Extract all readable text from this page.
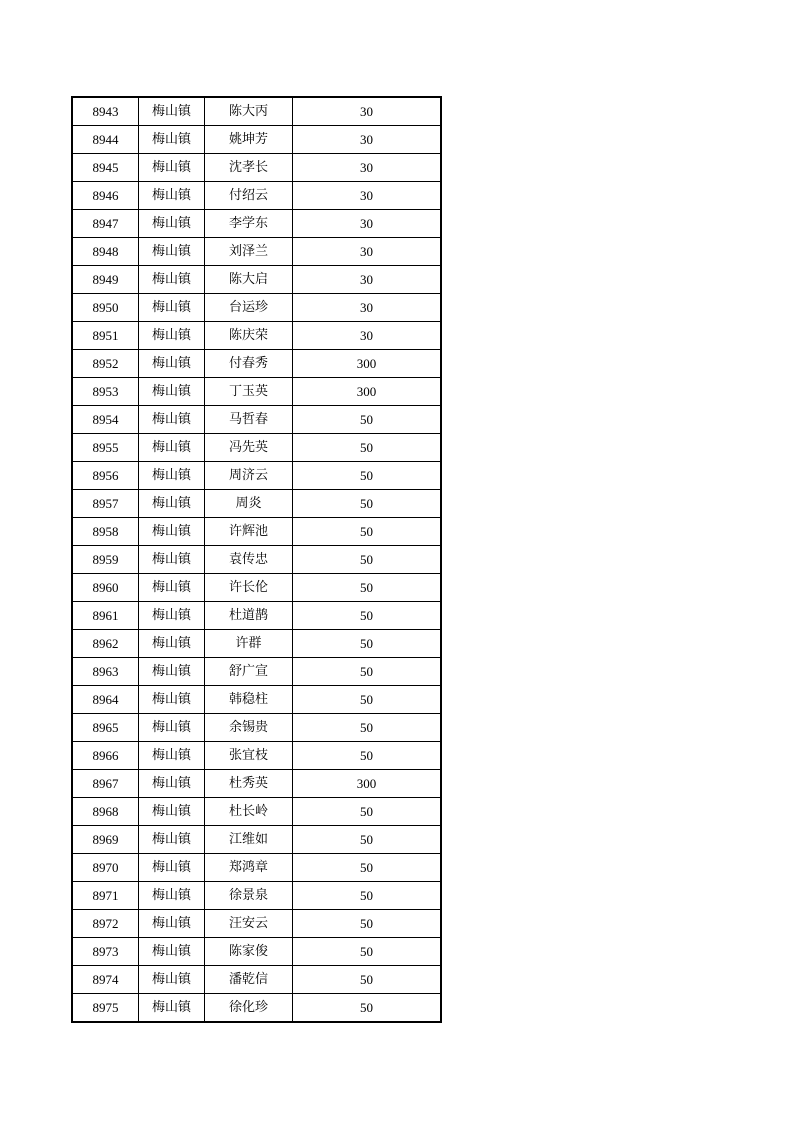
8943	梅山镇	陈大丙	30
8944	梅山镇	姚坤芳	30
8945	梅山镇	沈孝长	30
8946	梅山镇	付绍云	30
8947	梅山镇	李学东	30
8948	梅山镇	刘泽兰	30
8949	梅山镇	陈大启	30
8950	梅山镇	台运珍	30
8951	梅山镇	陈庆荣	30
8952	梅山镇	付春秀	300
8953	梅山镇	丁玉英	300
8954	梅山镇	马哲春	50
8955	梅山镇	冯先英	50
8956	梅山镇	周济云	50
8957	梅山镇	周炎	50
8958	梅山镇	许辉池	50
8959	梅山镇	袁传忠	50
8960	梅山镇	许长伦	50
8961	梅山镇	杜道鹊	50
8962	梅山镇	许群	50
8963	梅山镇	舒广宣	50
8964	梅山镇	韩稳柱	50
8965	梅山镇	余锡贵	50
8966	梅山镇	张宜枝	50
8967	梅山镇	杜秀英	300
8968	梅山镇	杜长岭	50
8969	梅山镇	江维如	50
8970	梅山镇	郑鸿章	50
8971	梅山镇	徐景泉	50
8972	梅山镇	汪安云	50
8973	梅山镇	陈家俊	50
8974	梅山镇	潘乾信	50
8975	梅山镇	徐化珍	50
